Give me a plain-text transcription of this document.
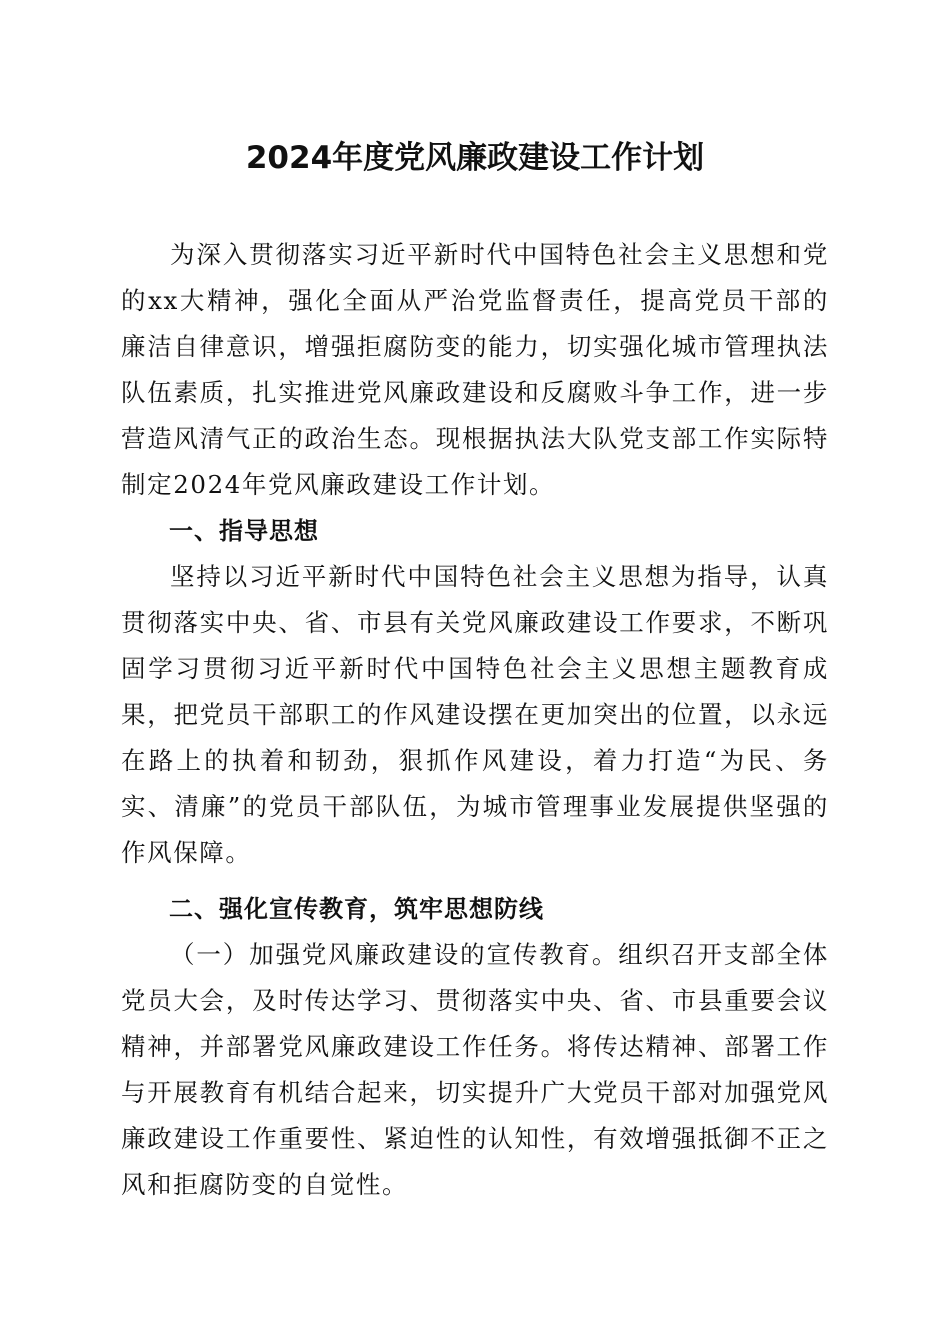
2024年度党风廉政建设工作计划

为深入贯彻落实习近平新时代中国特色社会主义思想和党的xx大精神，强化全面从严治党监督责任，提高党员干部的廉洁自律意识，增强拒腐防变的能力，切实强化城市管理执法队伍素质，扎实推进党风廉政建设和反腐败斗争工作，进一步营造风清气正的政治生态。现根据执法大队党支部工作实际特制定2024年党风廉政建设工作计划。

一、指导思想

坚持以习近平新时代中国特色社会主义思想为指导，认真贯彻落实中央、省、市县有关党风廉政建设工作要求，不断巩固学习贯彻习近平新时代中国特色社会主义思想主题教育成果，把党员干部职工的作风建设摆在更加突出的位置，以永远在路上的执着和韧劲，狠抓作风建设，着力打造“为民、务实、清廉”的党员干部队伍，为城市管理事业发展提供坚强的作风保障。

二、强化宣传教育，筑牢思想防线

（一）加强党风廉政建设的宣传教育。组织召开支部全体党员大会，及时传达学习、贯彻落实中央、省、市县重要会议精神，并部署党风廉政建设工作任务。将传达精神、部署工作与开展教育有机结合起来，切实提升广大党员干部对加强党风廉政建设工作重要性、紧迫性的认知性，有效增强抵御不正之风和拒腐防变的自觉性。
